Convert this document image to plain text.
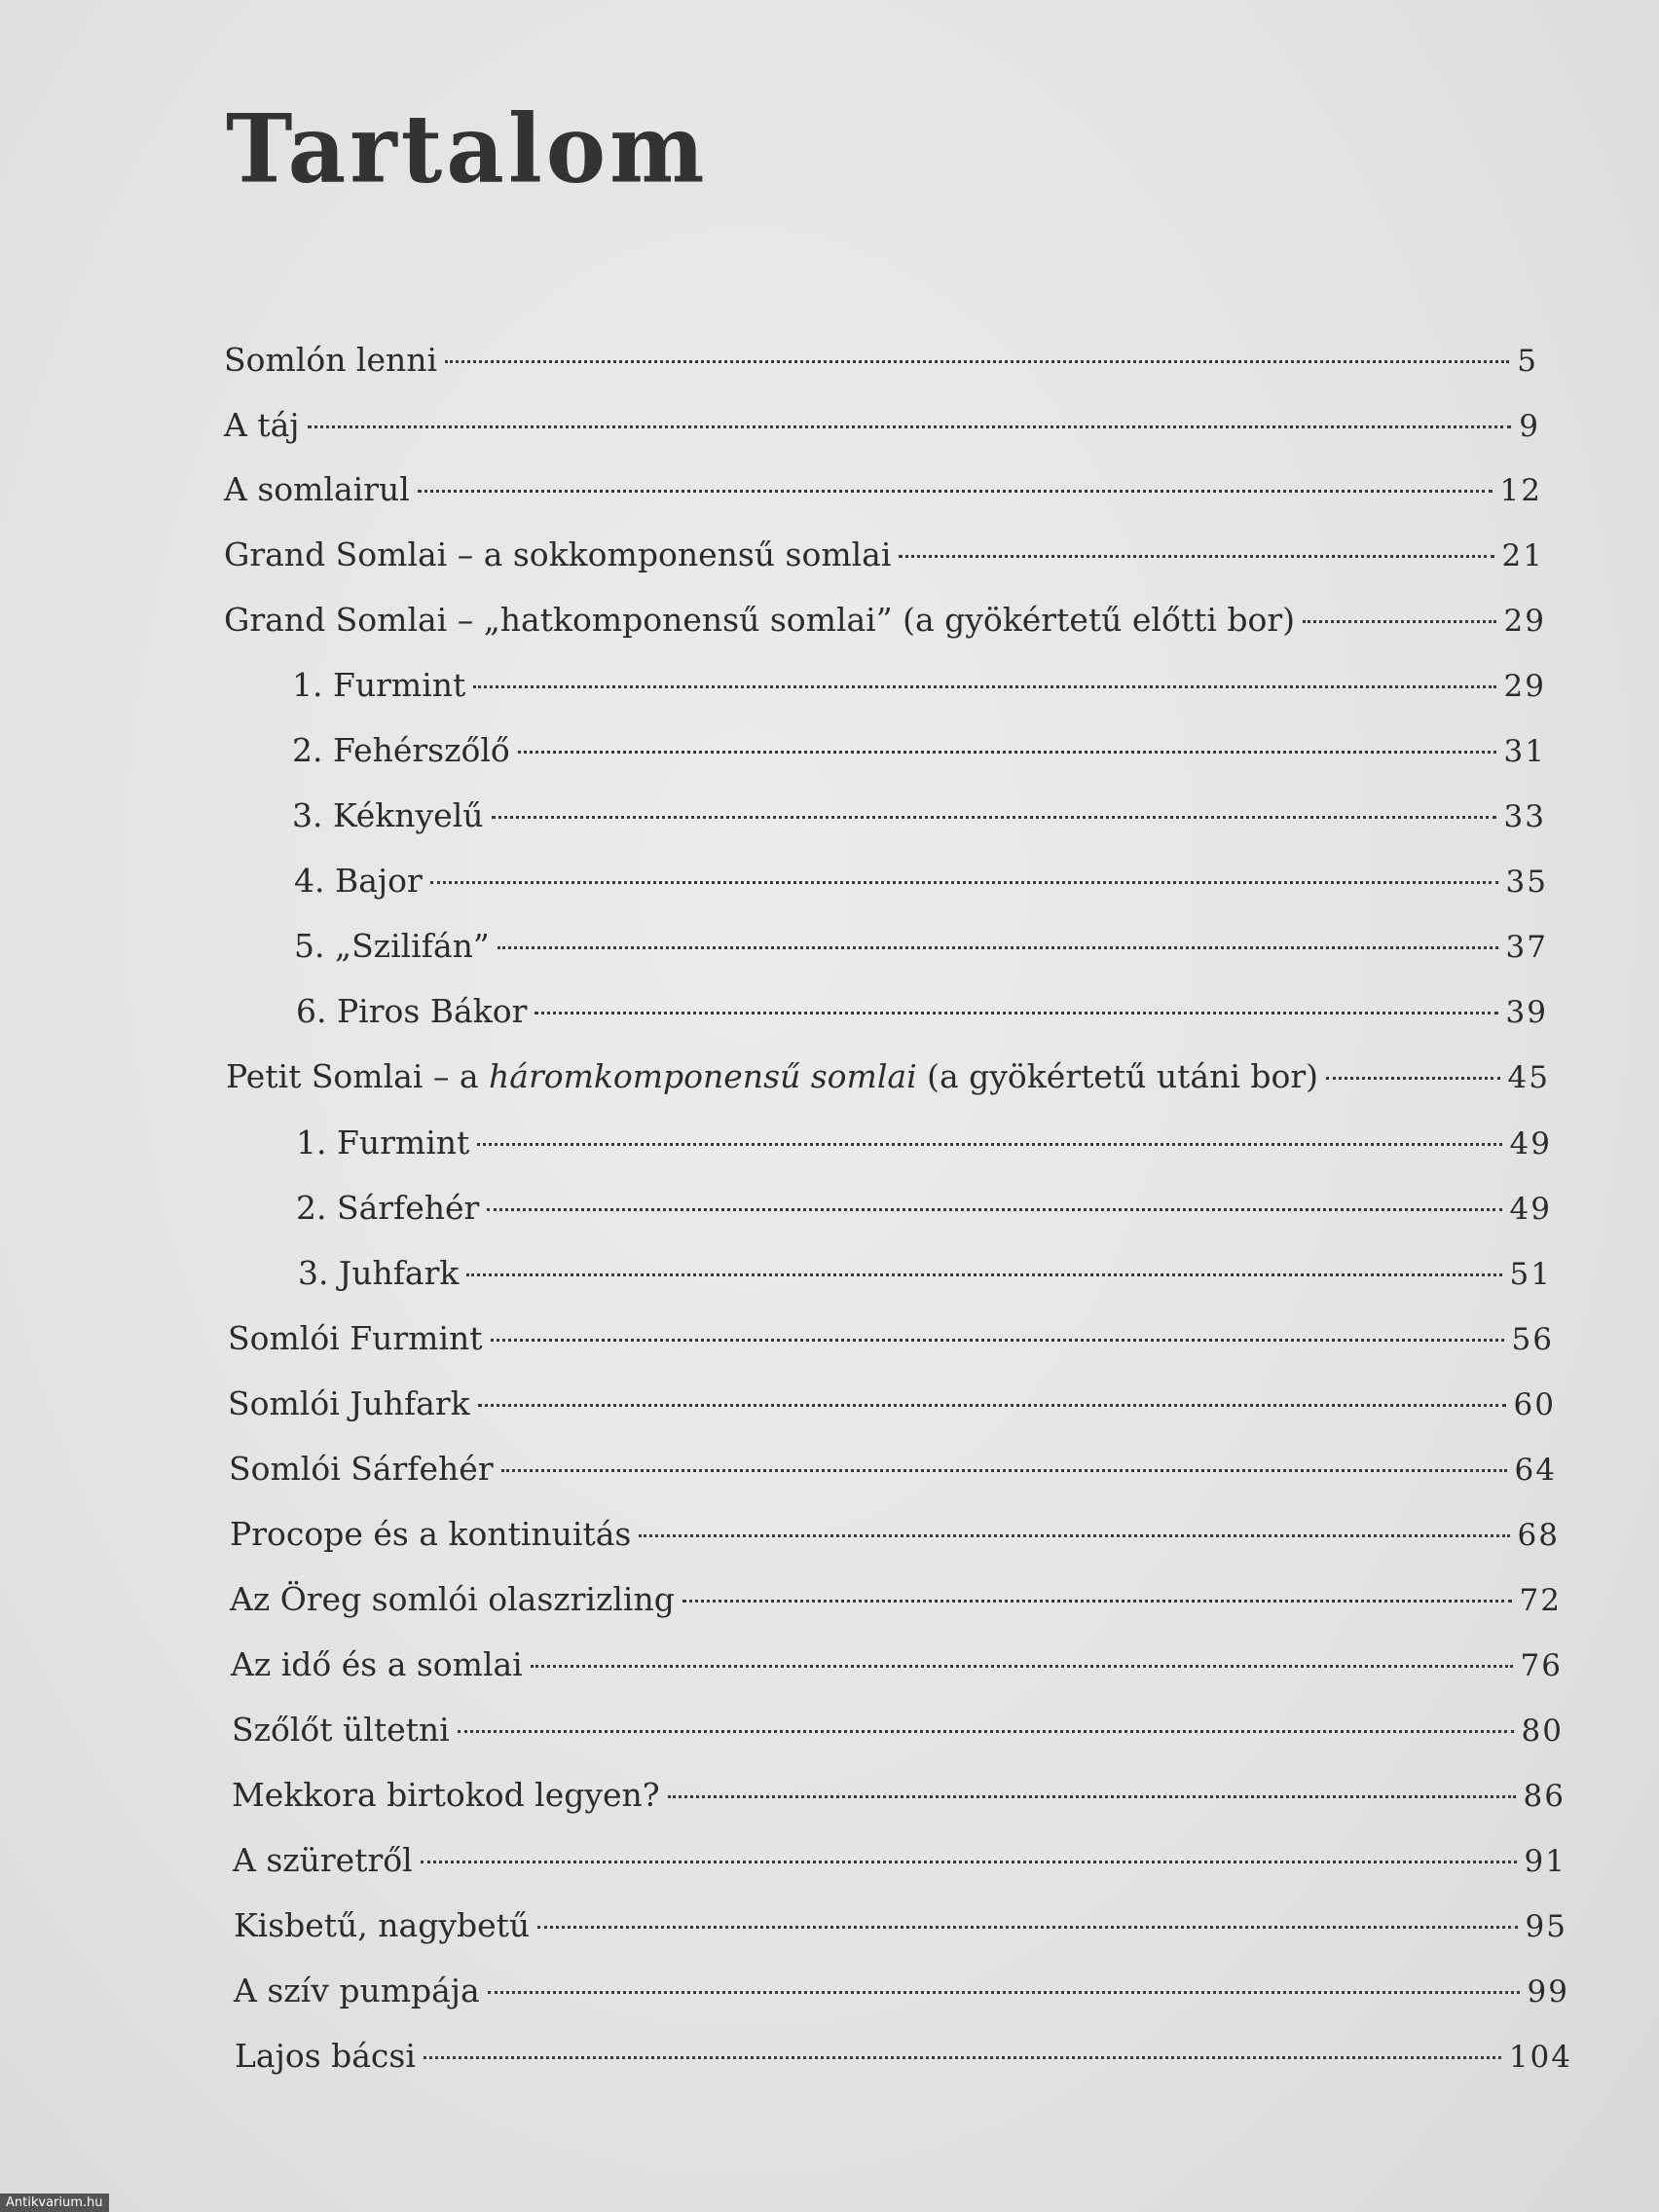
Tartalom
Somlón lenni	5
A táj	9
A somlairul	12
Grand Somlai – a sokkomponensű somlai	21
Grand Somlai – „hatkomponensű somlai” (a gyökértetű előtti bor)	29
1. Furmint	29
2. Fehérszőlő	31
3. Kéknyelű	33
4. Bajor	35
5. „Szilifán”	37
6. Piros Bákor	39
Petit Somlai – a háromkomponensű somlai (a gyökértetű utáni bor)	45
1. Furmint	49
2. Sárfehér	49
3. Juhfark	51
Somlói Furmint	56
Somlói Juhfark	60
Somlói Sárfehér	64
Procope és a kontinuitás	68
Az Öreg somlói olaszrizling	72
Az idő és a somlai	76
Szőlőt ültetni	80
Mekkora birtokod legyen?	86
A szüretről	91
Kisbetű, nagybetű	95
A szív pumpája	99
Lajos bácsi	104
Antikvarium.hu
